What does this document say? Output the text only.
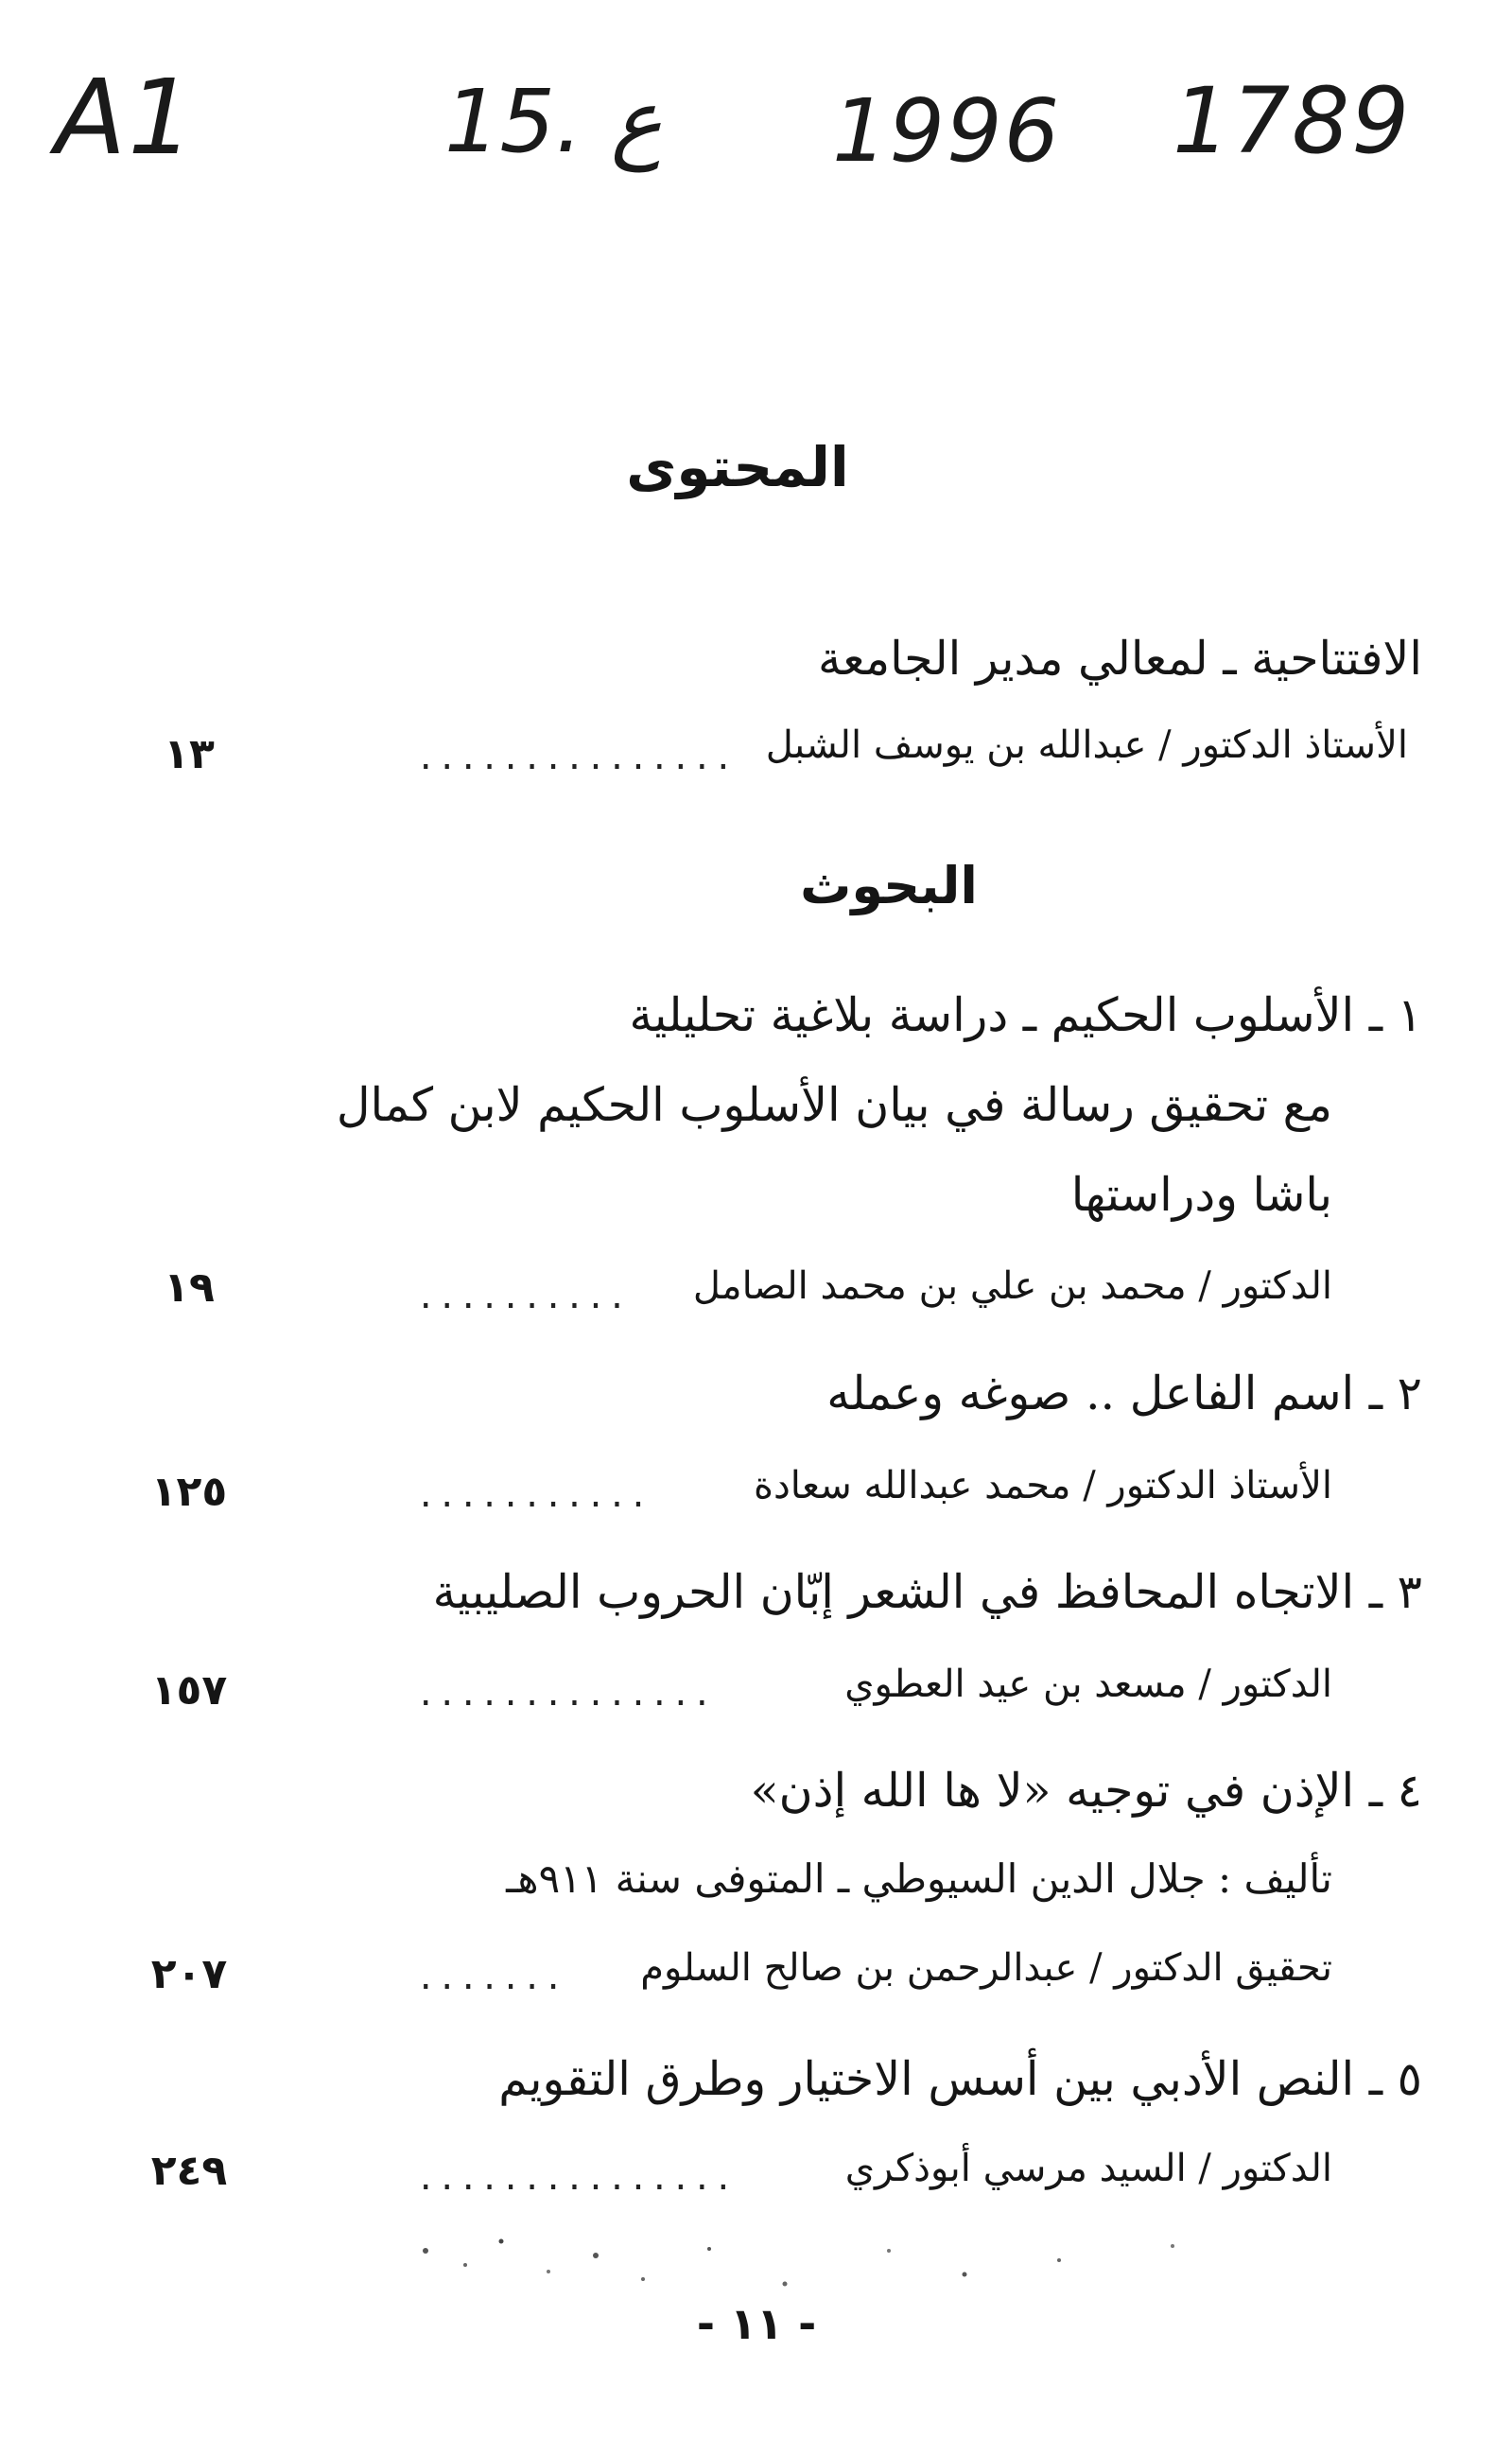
A1	15. ع 1996 1789
المحتوى
الافتتاحية ـ لمعالي مدير الجامعة
الأستاذ الدكتور / عبدالله بن يوسف الشبل
...............
١٣
البحوث
١ ـ الأسلوب الحكيم ـ دراسة بلاغية تحليلية
مع تحقيق رسالة في بيان الأسلوب الحكيم لابن كمال
باشا ودراستها
الدكتور / محمد بن علي بن محمد الصامل
..........
١٩
٢ ـ اسم الفاعل .. صوغه وعمله
الأستاذ الدكتور / محمد عبدالله سعادة
...........
١٢٥
٣ ـ الاتجاه المحافظ في الشعر إبّان الحروب الصليبية
الدكتور / مسعد بن عيد العطوي
..............
١٥٧
٤ ـ الإذن في توجيه «لا ها الله إذن»
تأليف : جلال الدين السيوطي ـ المتوفى سنة ٩١١هـ
تحقيق الدكتور / عبدالرحمن بن صالح السلوم
.......
٢٠٧
٥ ـ النص الأدبي بين أسس الاختيار وطرق التقويم
الدكتور / السيد مرسي أبوذكري
...............
٢٤٩
- ١١ -
